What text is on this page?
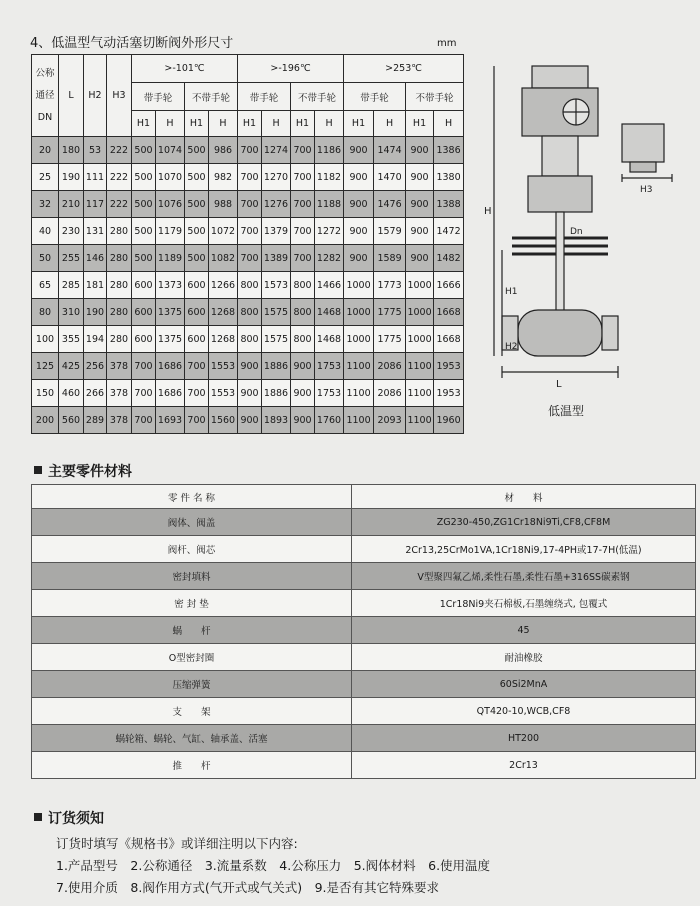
4、低温型气动活塞切断阀外形尺寸	mm
公称
通径
DN	L	H2	H3	>-101℃				>-196℃				>253℃			
				带手轮		不带手轮		带手轮		不带手轮		带手轮		不带手轮	
				H1	H	H1	H	H1	H	H1	H	H1	H	H1	H
20	180	53	222	500	1074	500	986	700	1274	700	1186	900	1474	900	1386
25	190	111	222	500	1070	500	982	700	1270	700	1182	900	1470	900	1380
32	210	117	222	500	1076	500	988	700	1276	700	1188	900	1476	900	1388
40	230	131	280	500	1179	500	1072	700	1379	700	1272	900	1579	900	1472
50	255	146	280	500	1189	500	1082	700	1389	700	1282	900	1589	900	1482
65	285	181	280	600	1373	600	1266	800	1573	800	1466	1000	1773	1000	1666
80	310	190	280	600	1375	600	1268	800	1575	800	1468	1000	1775	1000	1668
100	355	194	280	600	1375	600	1268	800	1575	800	1468	1000	1775	1000	1668
125	425	256	378	700	1686	700	1553	900	1886	900	1753	1100	2086	1100	1953
150	460	266	378	700	1686	700	1553	900	1886	900	1753	1100	2086	1100	1953
200	560	289	378	700	1693	700	1560	900	1893	900	1760	1100	2093	1100	1960
H
H1
H2
L
Dn
H3
低温型
主要零件材料
零 件 名 称	材　　料
阀体、阀盖	ZG230-450,ZG1Cr18Ni9Ti,CF8,CF8M
阀杆、阀芯	2Cr13,25CrMo1VA,1Cr18Ni9,17-4PH或17-7H(低温)
密封填料	V型聚四氟乙烯,柔性石墨,柔性石墨+316SS碳素钢
密 封 垫	1Cr18Ni9夹石棉板,石墨缠绕式, 包覆式
蜗　　杆	45
O型密封圈	耐油橡胶
压缩弹簧	60Si2MnA
支　　架	QT420-10,WCB,CF8
蜗轮箱、蜗轮、气缸、轴承盖、活塞	HT200
推　　杆	2Cr13
订货须知
订货时填写《规格书》或详细注明以下内容:
1.产品型号　2.公称通径　3.流量系数　4.公称压力　5.阀体材料　6.使用温度
7.使用介质　8.阀作用方式(气开式或气关式)　9.是否有其它特殊要求
